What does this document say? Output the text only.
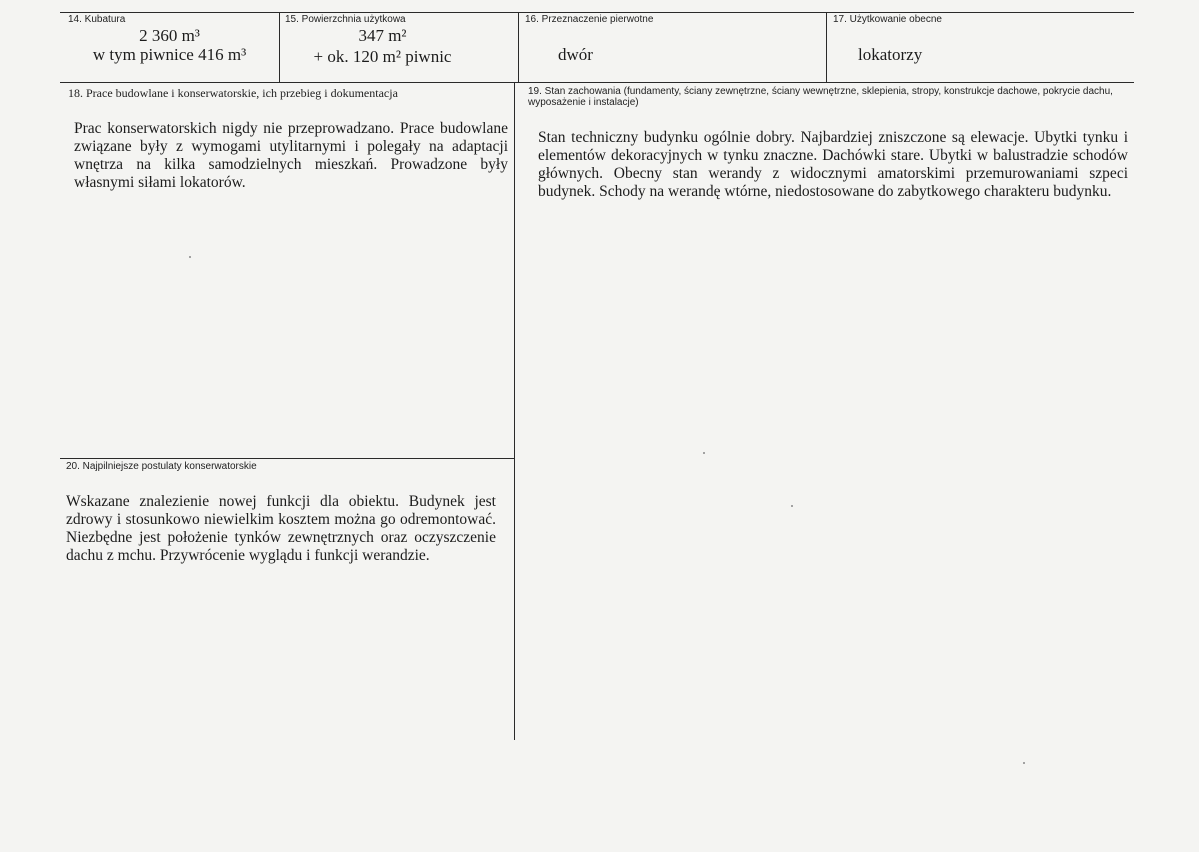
14. Kubatura
2 360 m³
w tym piwnice 416 m³
15. Powierzchnia użytkowa
347 m²
+ ok. 120 m² piwnic
16. Przeznaczenie pierwotne
dwór
17. Użytkowanie obecne
lokatorzy
18. Prace budowlane i konserwatorskie, ich przebieg i dokumentacja
Prac konserwatorskich nigdy nie przeprowadzano. Prace budowlane związane były z wymogami utylitarnymi i polegały na adaptacji wnętrza na kilka samodzielnych mieszkań. Prowadzone były własnymi siłami lokatorów.
19. Stan zachowania (fundamenty, ściany zewnętrzne, ściany wewnętrzne, sklepienia, stropy, konstrukcje dachowe, pokrycie dachu, wyposażenie i instalacje)
Stan techniczny budynku ogólnie dobry. Najbardziej zniszczone są elewacje. Ubytki tynku i elementów dekoracyjnych w tynku znaczne. Dachówki stare. Ubytki w balustradzie schodów głównych. Obecny stan werandy z widocznymi amatorskimi przemurowaniami szpeci budynek. Schody na werandę wtórne, niedostosowane do zabytkowego charakteru budynku.
20. Najpilniejsze postulaty konserwatorskie
Wskazane znalezienie nowej funkcji dla obiektu. Budynek jest zdrowy i stosunkowo niewielkim kosztem można go odremontować. Niezbędne jest położenie tynków zewnętrznych oraz oczyszczenie dachu z mchu. Przywrócenie wyglądu i funkcji werandzie.
